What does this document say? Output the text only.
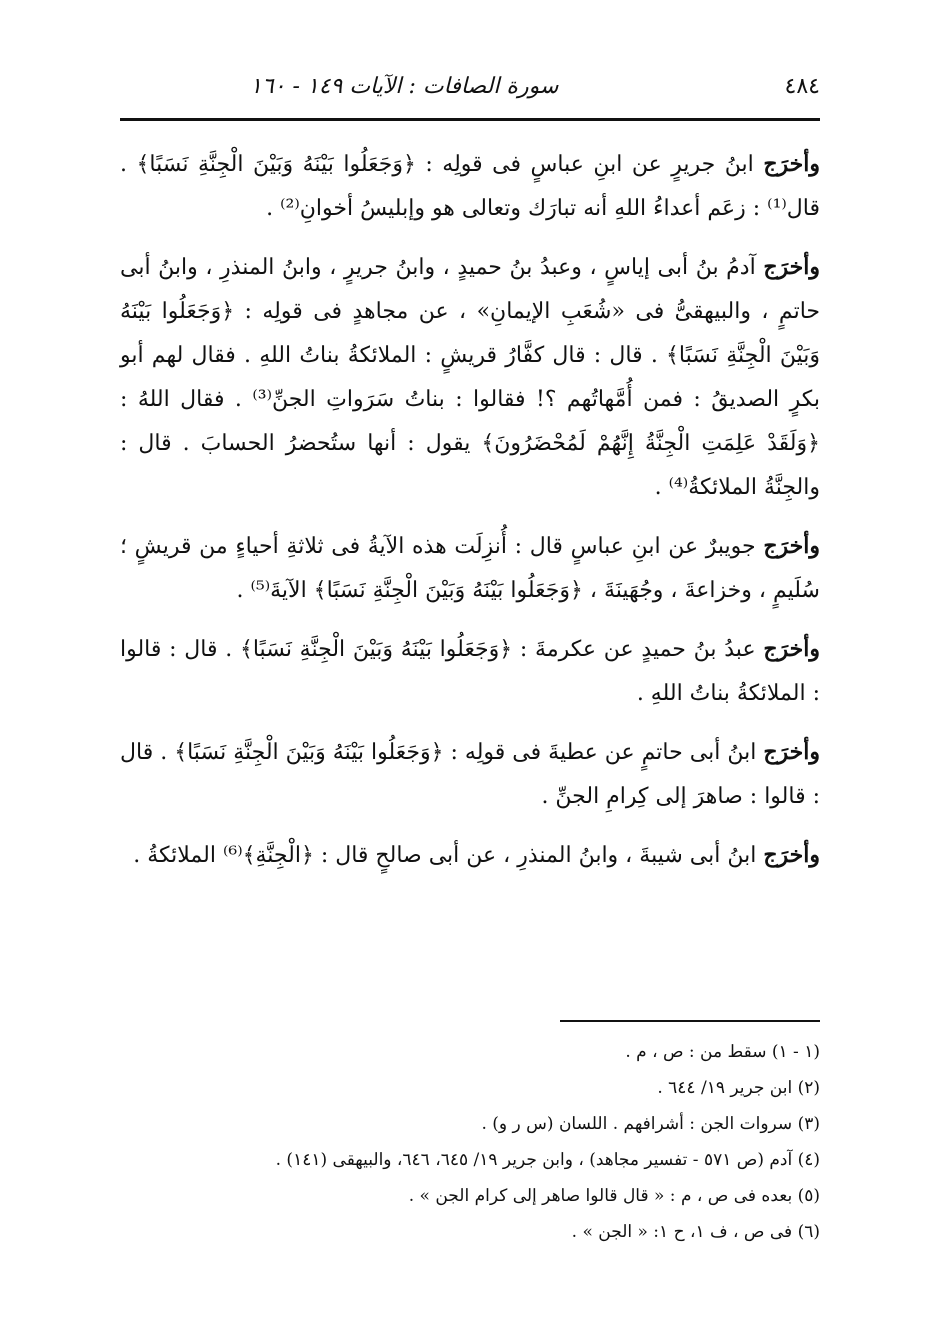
٤٨٤
سورة الصافات : الآيات ١٤٩ - ١٦٠

وأخرَج ابنُ جريرٍ عن ابنِ عباسٍ فى قولِه : ﴿وَجَعَلُوا بَيْنَهُ وَبَيْنَ الْجِنَّةِ نَسَبًا﴾ . قال⁽¹⁾ : زعَم أعداءُ اللهِ أنه تبارَك وتعالى هو وإبليسُ أخوانِ⁽²⁾ .

وأخرَج آدمُ بنُ أبى إياسٍ ، وعبدُ بنُ حميدٍ ، وابنُ جريرٍ ، وابنُ المنذرِ ، وابنُ أبى حاتمٍ ، والبيهقىُّ فى «شُعَبِ الإيمانِ» ، عن مجاهدٍ فى قولِه : ﴿وَجَعَلُوا بَيْنَهُ وَبَيْنَ الْجِنَّةِ نَسَبًا﴾ . قال : قال كفَّارُ قريشٍ : الملائكةُ بناتُ اللهِ . فقال لهم أبو بكرٍ الصديقُ : فمن أُمَّهاتُهم ؟! فقالوا : بناتُ سَرَواتِ الجنِّ⁽³⁾ . فقال اللهُ : ﴿وَلَقَدْ عَلِمَتِ الْجِنَّةُ إِنَّهُمْ لَمُحْضَرُونَ﴾ يقول : أنها ستُحضرُ الحسابَ . قال : والجِنَّةُ الملائكةُ⁽⁴⁾ .

وأخرَج جويبرٌ عن ابنِ عباسٍ قال : أُنزِلَت هذه الآيةُ فى ثلاثةِ أحياءٍ من قريشٍ ؛ سُلَيمٍ ، وخزاعةَ ، وجُهَينَةَ ، ﴿وَجَعَلُوا بَيْنَهُ وَبَيْنَ الْجِنَّةِ نَسَبًا﴾ الآيةَ⁽⁵⁾ .

وأخرَج عبدُ بنُ حميدٍ عن عكرمةَ : ﴿وَجَعَلُوا بَيْنَهُ وَبَيْنَ الْجِنَّةِ نَسَبًا﴾ . قال : قالوا : الملائكةُ بناتُ اللهِ .

وأخرَج ابنُ أبى حاتمٍ عن عطيةَ فى قولِه : ﴿وَجَعَلُوا بَيْنَهُ وَبَيْنَ الْجِنَّةِ نَسَبًا﴾ . قال : قالوا : صاهرَ إلى كِرامِ الجنِّ .

وأخرَج ابنُ أبى شيبةَ ، وابنُ المنذرِ ، عن أبى صالحٍ قال : ﴿الْجِنَّةِ﴾⁽⁶⁾ الملائكةُ .

(١ - ١) سقط من : ص ، م .
(٢) ابن جرير ١٩/ ٦٤٤ .
(٣) سروات الجن : أشرافهم . اللسان (س ر و) .
(٤) آدم (ص ٥٧١ - تفسير مجاهد) ، وابن جرير ١٩/ ٦٤٥، ٦٤٦، والبيهقى (١٤١) .
(٥) بعده فى ص ، م : « قال قالوا صاهر إلى كرام الجن » .
(٦) فى ص ، ف ١، ح ١: « الجن » .
